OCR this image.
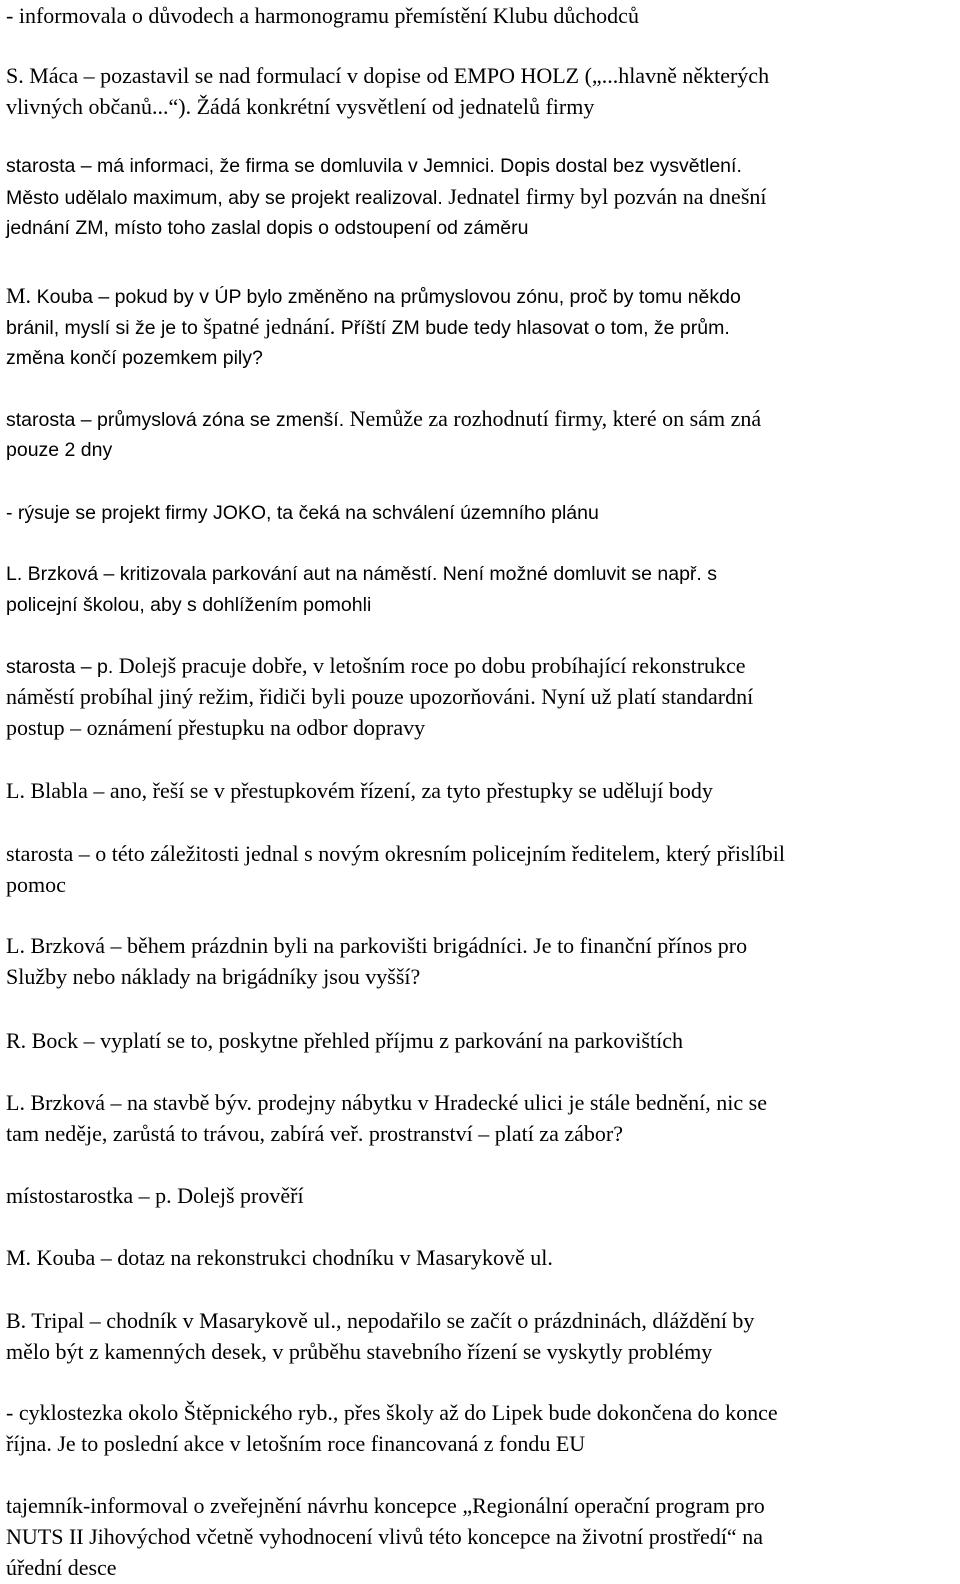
- informovala o důvodech a harmonogramu přemístění Klubu důchodců
S. Máca – pozastavil se nad formulací v dopise od EMPO HOLZ („...hlavně některých
vlivných občanů...“). Žádá konkrétní vysvětlení od jednatelů firmy
starosta – má informaci, že firma se domluvila v Jemnici. Dopis dostal bez vysvětlení.
Město udělalo maximum, aby se projekt realizoval. Jednatel firmy byl pozván na dnešní
jednání ZM, místo toho zaslal dopis o odstoupení od záměru
M. Kouba – pokud by v ÚP bylo změněno na průmyslovou zónu, proč by tomu někdo
bránil, myslí si že je to špatné jednání. Příští ZM bude tedy hlasovat o tom, že prům.
změna končí pozemkem pily?
starosta – průmyslová zóna se zmenší. Nemůže za rozhodnutí firmy, které on sám zná
pouze 2 dny
- rýsuje se projekt firmy JOKO, ta čeká na schválení územního plánu
L. Brzková – kritizovala parkování aut na náměstí. Není možné domluvit se např. s
policejní školou, aby s dohlížením pomohli
starosta – p. Dolejš pracuje dobře, v letošním roce po dobu probíhající rekonstrukce
náměstí probíhal jiný režim, řidiči byli pouze upozorňováni. Nyní už platí standardní
postup – oznámení přestupku na odbor dopravy
L. Blabla – ano, řeší se v přestupkovém řízení, za tyto přestupky se udělují body
starosta – o této záležitosti jednal s novým okresním policejním ředitelem, který přislíbil
pomoc
L. Brzková – během prázdnin byli na parkovišti brigádníci. Je to finanční přínos pro
Služby nebo náklady na brigádníky jsou vyšší?
R. Bock – vyplatí se to, poskytne přehled příjmu z parkování na parkovištích
L. Brzková – na stavbě býv. prodejny nábytku v Hradecké ulici je stále bednění, nic se
tam neděje, zarůstá to trávou, zabírá veř. prostranství – platí za zábor?
místostarostka – p. Dolejš prověří
M. Kouba – dotaz na rekonstrukci chodníku v Masarykově ul.
B. Tripal – chodník v Masarykově ul., nepodařilo se začít o prázdninách, dláždění by
mělo být z kamenných desek, v průběhu stavebního řízení se vyskytly problémy
- cyklostezka okolo Štěpnického ryb., přes školy až do Lipek bude dokončena do konce
října. Je to poslední akce v letošním roce financovaná z fondu EU
tajemník-informoval o zveřejnění návrhu koncepce „Regionální operační program pro
NUTS II Jihovýchod včetně vyhodnocení vlivů této koncepce na životní prostředí“ na
úřední desce
